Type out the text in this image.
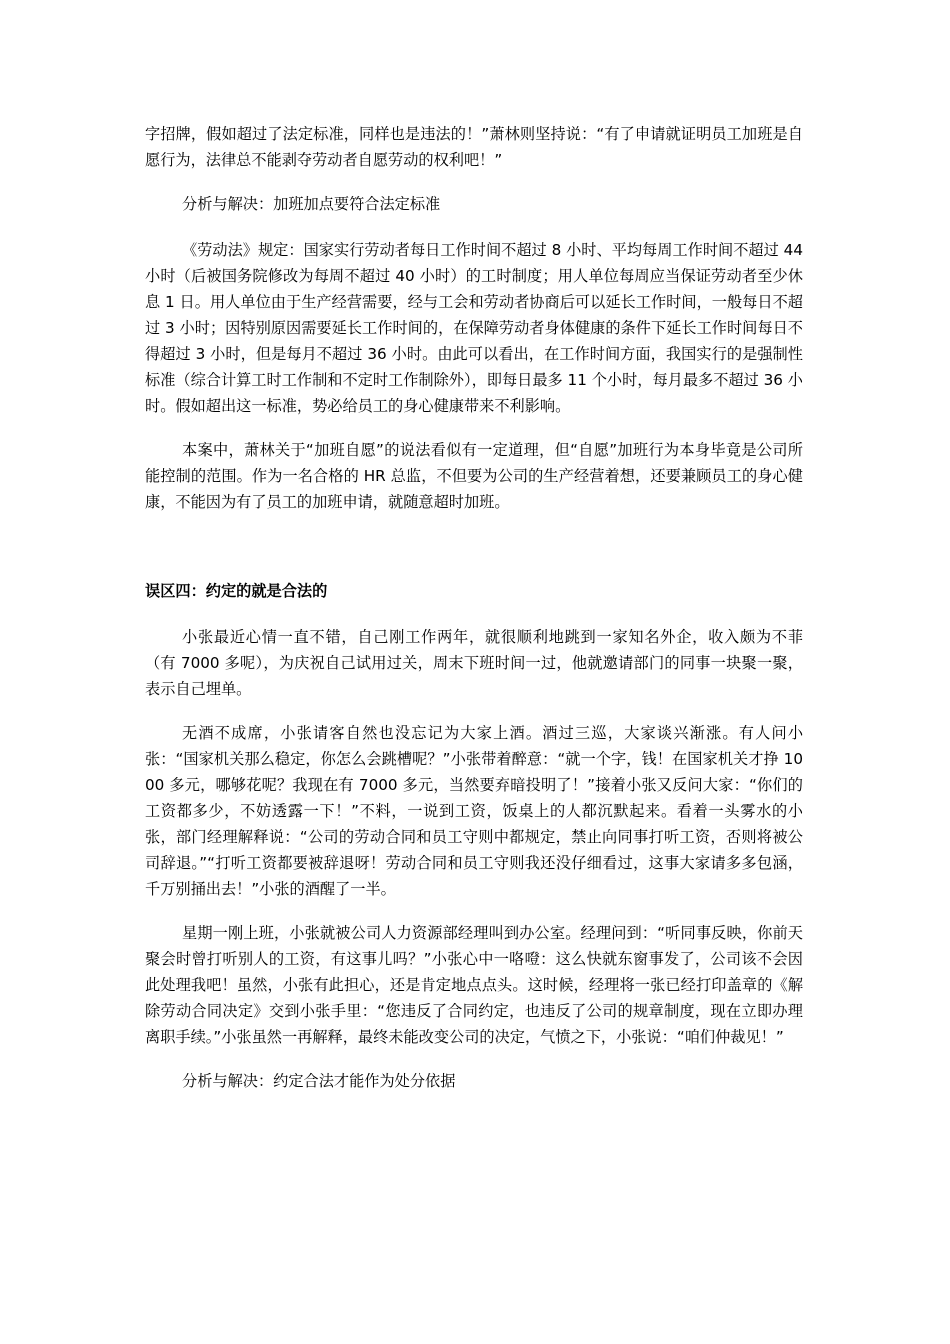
字招牌，假如超过了法定标准，同样也是违法的！”萧林则坚持说：“有了申请就证明员工加班是自愿行为，法律总不能剥夺劳动者自愿劳动的权利吧！”

分析与解决：加班加点要符合法定标准

《劳动法》规定：国家实行劳动者每日工作时间不超过 8 小时、平均每周工作时间不超过 44 小时（后被国务院修改为每周不超过 40 小时）的工时制度；用人单位每周应当保证劳动者至少休息 1 日。用人单位由于生产经营需要，经与工会和劳动者协商后可以延长工作时间，一般每日不超过 3 小时；因特别原因需要延长工作时间的，在保障劳动者身体健康的条件下延长工作时间每日不得超过 3 小时，但是每月不超过 36 小时。由此可以看出，在工作时间方面，我国实行的是强制性标准（综合计算工时工作制和不定时工作制除外），即每日最多 11 个小时，每月最多不超过 36 小时。假如超出这一标准，势必给员工的身心健康带来不利影响。

本案中，萧林关于“加班自愿”的说法看似有一定道理，但“自愿”加班行为本身毕竟是公司所能控制的范围。作为一名合格的 HR 总监，不但要为公司的生产经营着想，还要兼顾员工的身心健康，不能因为有了员工的加班申请，就随意超时加班。

误区四：约定的就是合法的

小张最近心情一直不错，自己刚工作两年，就很顺利地跳到一家知名外企，收入颇为不菲（有 7000 多呢），为庆祝自己试用过关，周末下班时间一过，他就邀请部门的同事一块聚一聚，表示自己埋单。

无酒不成席，小张请客自然也没忘记为大家上酒。酒过三巡，大家谈兴渐涨。有人问小张：“国家机关那么稳定，你怎么会跳槽呢？”小张带着醉意：“就一个字，钱！在国家机关才挣 1000 多元，哪够花呢？我现在有 7000 多元，当然要弃暗投明了！”接着小张又反问大家：“你们的工资都多少，不妨透露一下！”不料，一说到工资，饭桌上的人都沉默起来。看着一头雾水的小张，部门经理解释说：“公司的劳动合同和员工守则中都规定，禁止向同事打听工资，否则将被公司辞退。”“打听工资都要被辞退呀！劳动合同和员工守则我还没仔细看过，这事大家请多多包涵，千万别捅出去！”小张的酒醒了一半。

星期一刚上班，小张就被公司人力资源部经理叫到办公室。经理问到：“听同事反映，你前天聚会时曾打听别人的工资，有这事儿吗？”小张心中一咯噔：这么快就东窗事发了，公司该不会因此处理我吧！虽然，小张有此担心，还是肯定地点点头。这时候，经理将一张已经打印盖章的《解除劳动合同决定》交到小张手里：“您违反了合同约定，也违反了公司的规章制度，现在立即办理离职手续。”小张虽然一再解释，最终未能改变公司的决定，气愤之下，小张说：“咱们仲裁见！”

分析与解决：约定合法才能作为处分依据
